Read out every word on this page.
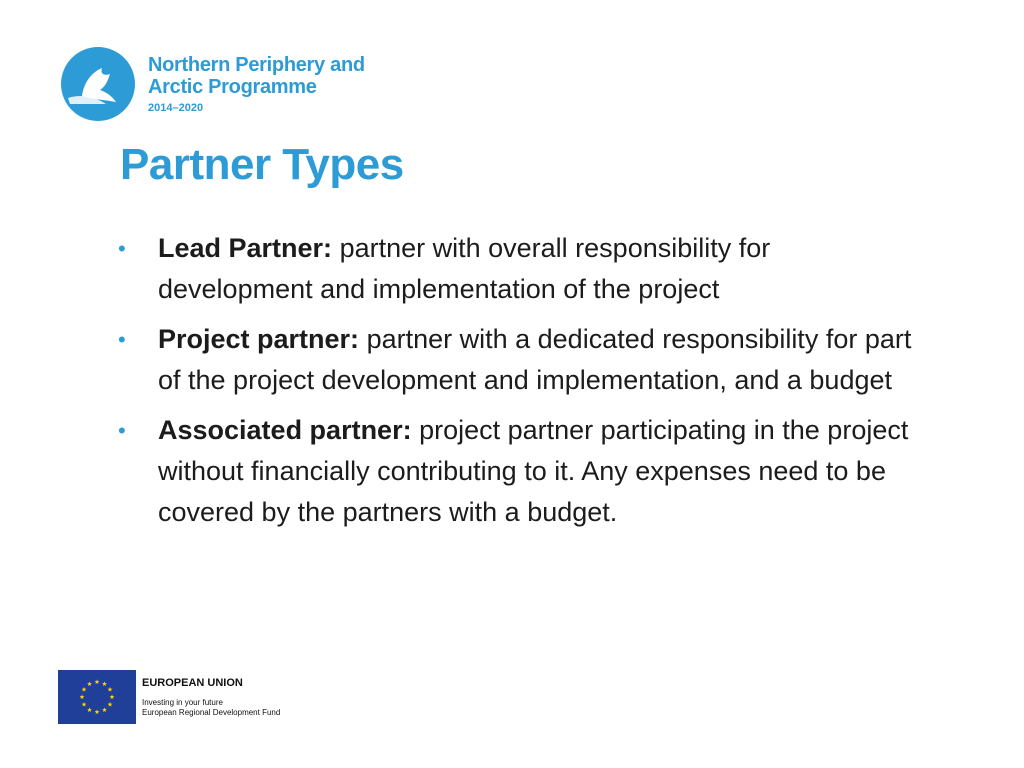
Northern Periphery and
Arctic Programme
2014–2020
Partner Types
• Lead Partner: partner with overall responsibility for development and implementation of the project
• Project partner: partner with a dedicated responsibility for part of the project development and implementation, and a budget
• Associated partner: project partner participating in the project without financially contributing to it. Any expenses need to be covered by the partners with a budget.
EUROPEAN UNION
Investing in your future
European Regional Development Fund
